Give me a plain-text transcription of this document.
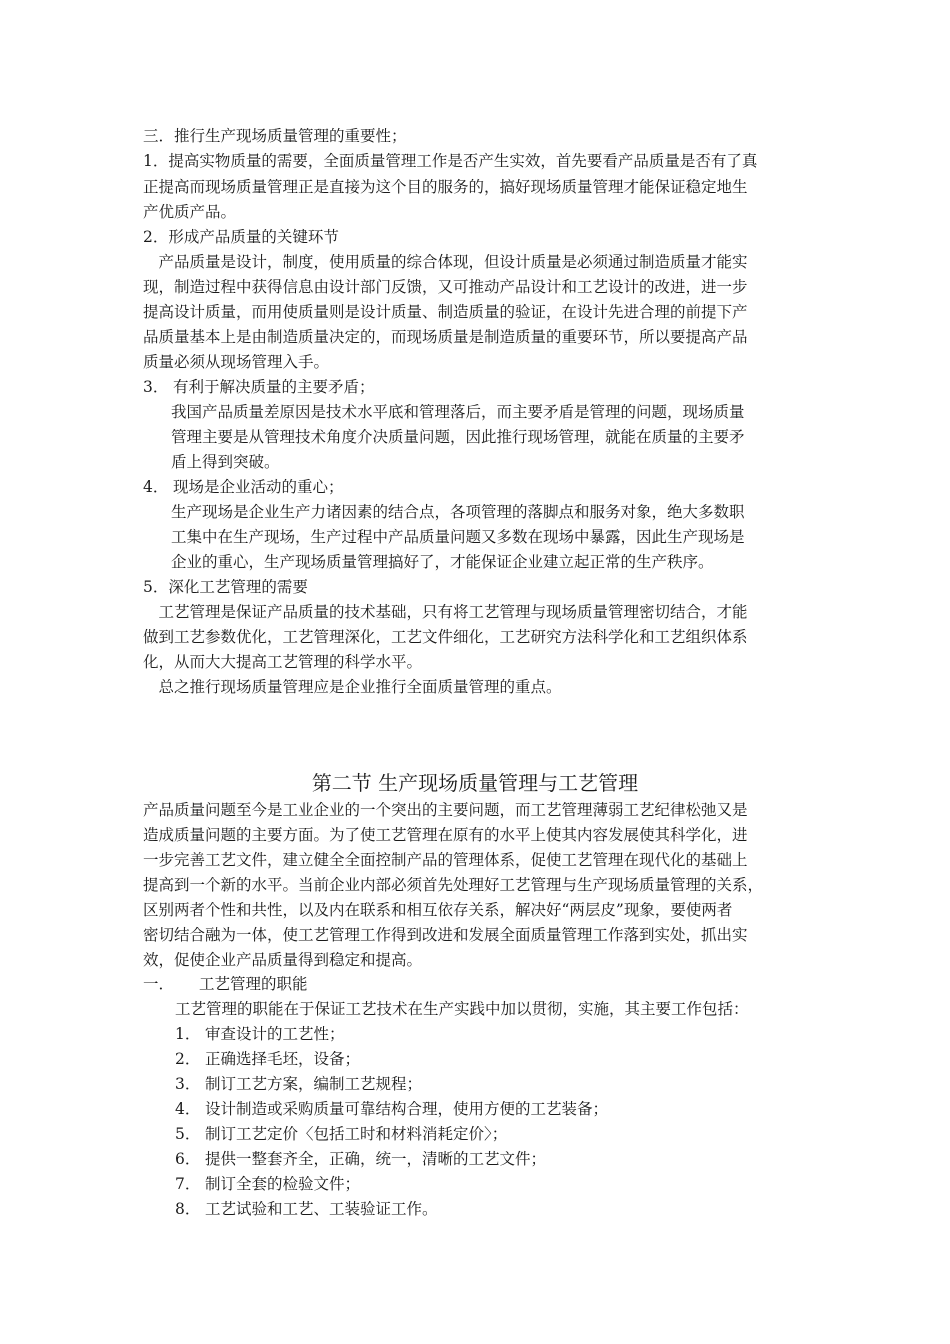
三．推行生产现场质量管理的重要性；
1．提高实物质量的需要，全面质量管理工作是否产生实效，首先要看产品质量是否有了真
正提高而现场质量管理正是直接为这个目的服务的，搞好现场质量管理才能保证稳定地生
产优质产品。
2．形成产品质量的关键环节
　产品质量是设计，制度，使用质量的综合体现，但设计质量是必须通过制造质量才能实
现，制造过程中获得信息由设计部门反馈，又可推动产品设计和工艺设计的改进，进一步
提高设计质量，而用使质量则是设计质量、制造质量的验证，在设计先进合理的前提下产
品质量基本上是由制造质量决定的，而现场质量是制造质量的重要环节，所以要提高产品
质量必须从现场管理入手。
3． 有利于解决质量的主要矛盾；
我国产品质量差原因是技术水平底和管理落后，而主要矛盾是管理的问题，现场质量
管理主要是从管理技术角度介决质量问题，因此推行现场管理，就能在质量的主要矛
盾上得到突破。
4． 现场是企业活动的重心；
生产现场是企业生产力诸因素的结合点，各项管理的落脚点和服务对象，绝大多数职
工集中在生产现场，生产过程中产品质量问题又多数在现场中暴露，因此生产现场是
企业的重心，生产现场质量管理搞好了，才能保证企业建立起正常的生产秩序。
5．深化工艺管理的需要
　工艺管理是保证产品质量的技术基础，只有将工艺管理与现场质量管理密切结合，才能
做到工艺参数优化，工艺管理深化，工艺文件细化，工艺研究方法科学化和工艺组织体系
化，从而大大提高工艺管理的科学水平。
　总之推行现场质量管理应是企业推行全面质量管理的重点。
第二节 生产现场质量管理与工艺管理
产品质量问题至今是工业企业的一个突出的主要问题，而工艺管理薄弱工艺纪律松弛又是
造成质量问题的主要方面。为了使工艺管理在原有的水平上使其内容发展使其科学化，进
一步完善工艺文件，建立健全全面控制产品的管理体系，促使工艺管理在现代化的基础上
提高到一个新的水平。当前企业内部必须首先处理好工艺管理与生产现场质量管理的关系，
区别两者个性和共性，以及内在联系和相互依存关系，解决好“两层皮”现象，要使两者
密切结合融为一体，使工艺管理工作得到改进和发展全面质量管理工作落到实处，抓出实
效，促使企业产品质量得到稳定和提高。
一． 工艺管理的职能
工艺管理的职能在于保证工艺技术在生产实践中加以贯彻，实施，其主要工作包括：
1． 审查设计的工艺性；
2． 正确选择毛坯，设备；
3． 制订工艺方案，编制工艺规程；
4． 设计制造或采购质量可靠结构合理，使用方便的工艺装备；
5． 制订工艺定价〈包括工时和材料消耗定价〉；
6． 提供一整套齐全，正确，统一，清晰的工艺文件；
7． 制订全套的检验文件；
8． 工艺试验和工艺、工装验证工作。
